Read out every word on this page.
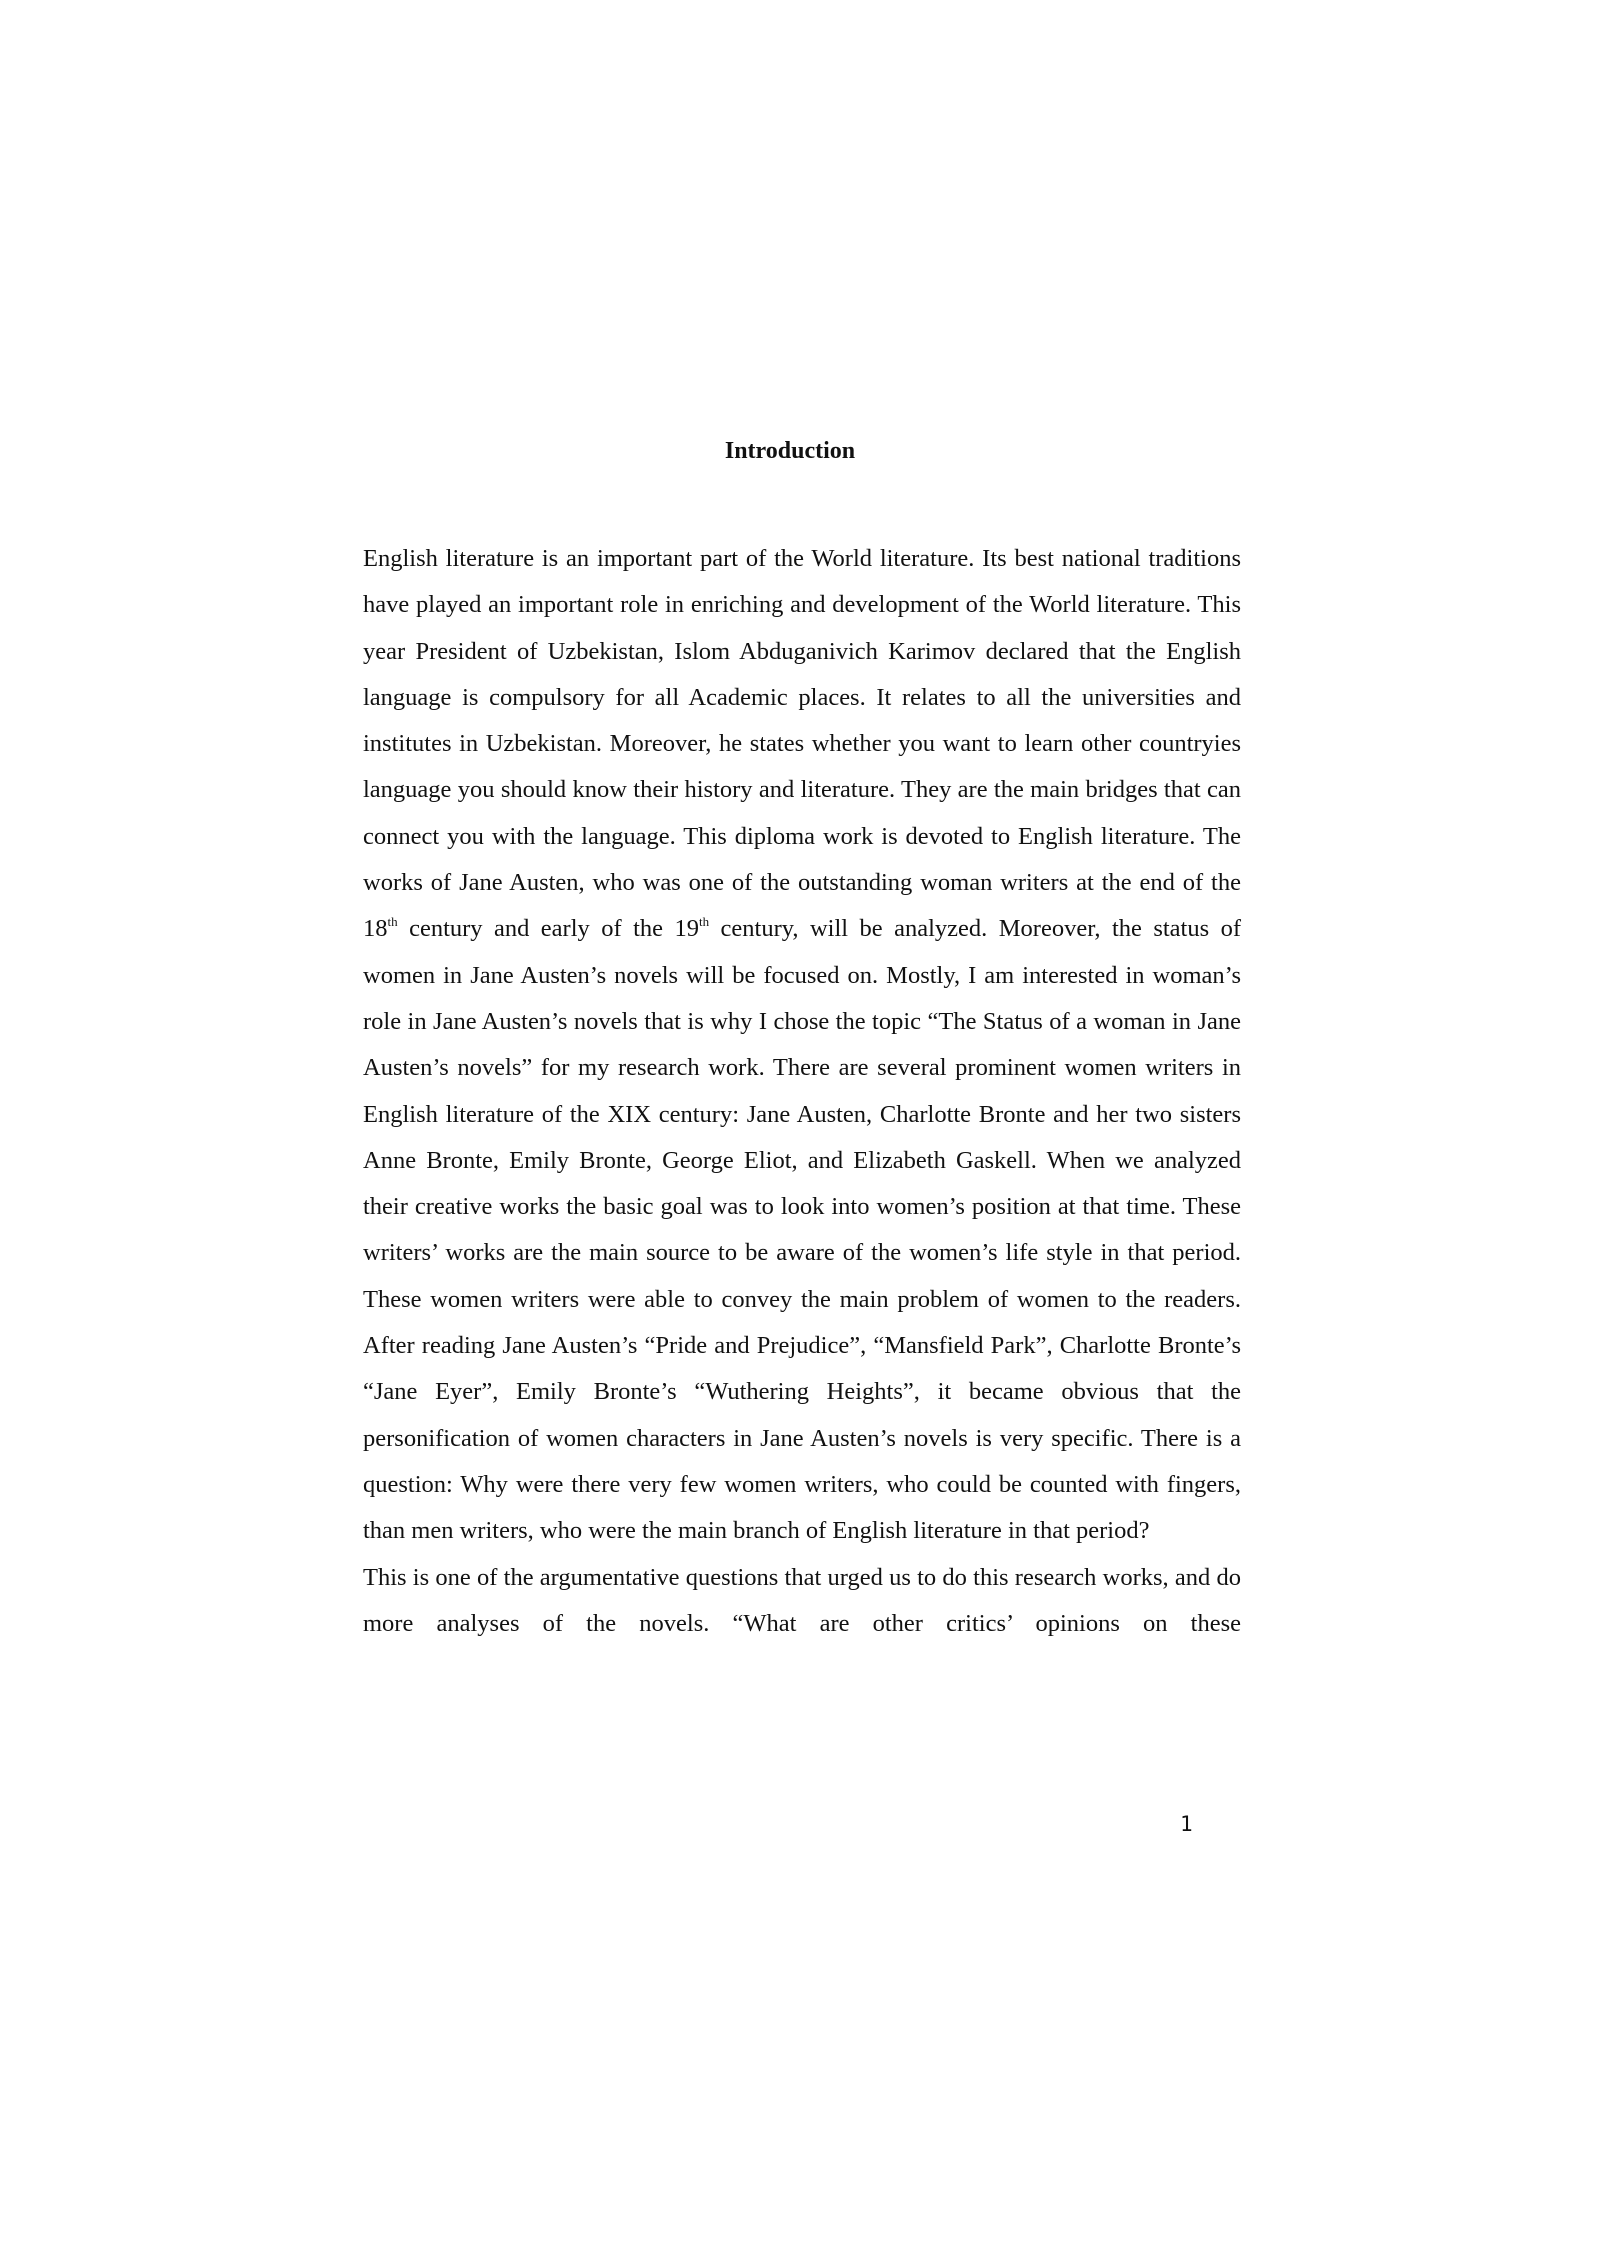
Introduction

English literature is an important part of the World literature. Its best national traditions have played an important role in enriching and development of the World literature. This year President of Uzbekistan, Islom Abduganivich Karimov declared that the English language is compulsory for all Academic places. It relates to all the universities and institutes in Uzbekistan. Moreover, he states whether you want to learn other countryies language you should know their history and literature. They are the main bridges that can connect you with the language. This diploma work is devoted to English literature. The works of Jane Austen, who was one of the outstanding woman writers at the end of the 18th century and early of the 19th century, will be analyzed. Moreover, the status of women in Jane Austen’s novels will be focused on. Mostly, I am interested in woman’s role in Jane Austen’s novels that is why I chose the topic “The Status of a woman in Jane Austen’s novels” for my research work. There are several prominent women writers in English literature of the XIX century: Jane Austen, Charlotte Bronte and her two sisters Anne Bronte, Emily Bronte, George Eliot, and Elizabeth Gaskell. When we analyzed their creative works the basic goal was to look into women’s position at that time. These writers’ works are the main source to be aware of the women’s life style in that period. These women writers were able to convey the main problem of women to the readers. After reading Jane Austen’s “Pride and Prejudice”, “Mansfield Park”, Charlotte Bronte’s “Jane Eyer”, Emily Bronte’s “Wuthering Heights”, it became obvious that the personification of women characters in Jane Austen’s novels is very specific. There is a question: Why were there very few women writers, who could be counted with fingers, than men writers, who were the main branch of English literature in that period?

This is one of the argumentative questions that urged us to do this research works, and do more analyses of the novels. “What are other critics’ opinions on these

1
